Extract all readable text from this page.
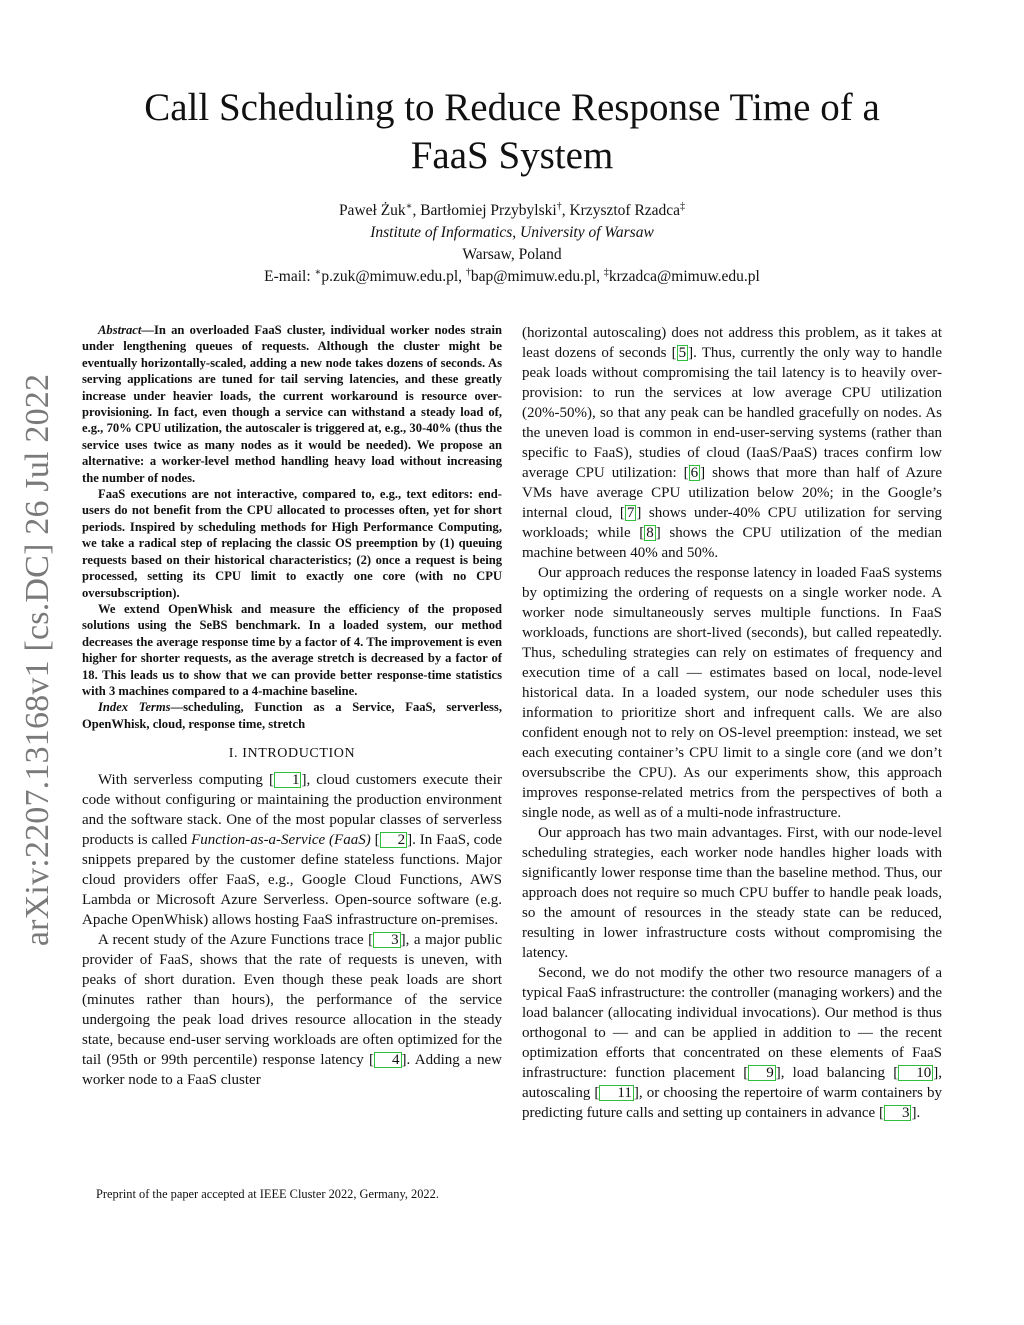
arXiv:2207.13168v1 [cs.DC] 26 Jul 2022
Call Scheduling to Reduce Response Time of a FaaS System
Paweł Żuk∗, Bartłomiej Przybylski†, Krzysztof Rzadca‡
Institute of Informatics, University of Warsaw
Warsaw, Poland
E-mail: ∗p.zuk@mimuw.edu.pl, †bap@mimuw.edu.pl, ‡krzadca@mimuw.edu.pl

Abstract—In an overloaded FaaS cluster, individual worker nodes strain under lengthening queues of requests. Although the cluster might be eventually horizontally-scaled, adding a new node takes dozens of seconds. As serving applications are tuned for tail serving latencies, and these greatly increase under heavier loads, the current workaround is resource over-provisioning. In fact, even though a service can withstand a steady load of, e.g., 70% CPU utilization, the autoscaler is triggered at, e.g., 30-40% (thus the service uses twice as many nodes as it would be needed). We propose an alternative: a worker-level method handling heavy load without increasing the number of nodes.

FaaS executions are not interactive, compared to, e.g., text editors: end-users do not benefit from the CPU allocated to processes often, yet for short periods. Inspired by scheduling methods for High Performance Computing, we take a radical step of replacing the classic OS preemption by (1) queuing requests based on their historical characteristics; (2) once a request is being processed, setting its CPU limit to exactly one core (with no CPU oversubscription).

We extend OpenWhisk and measure the efficiency of the proposed solutions using the SeBS benchmark. In a loaded system, our method decreases the average response time by a factor of 4. The improvement is even higher for shorter requests, as the average stretch is decreased by a factor of 18. This leads us to show that we can provide better response-time statistics with 3 machines compared to a 4-machine baseline.

Index Terms—scheduling, Function as a Service, FaaS, serverless, OpenWhisk, cloud, response time, stretch

I. INTRODUCTION

With serverless computing [ 1 ], cloud customers execute their code without configuring or maintaining the production environment and the software stack. One of the most popular classes of serverless products is called Function-as-a-Service (FaaS) [ 2 ]. In FaaS, code snippets prepared by the customer define stateless functions. Major cloud providers offer FaaS, e.g., Google Cloud Functions, AWS Lambda or Microsoft Azure Serverless. Open-source software (e.g. Apache OpenWhisk) allows hosting FaaS infrastructure on-premises.

A recent study of the Azure Functions trace [ 3 ], a major public provider of FaaS, shows that the rate of requests is uneven, with peaks of short duration. Even though these peak loads are short (minutes rather than hours), the performance of the service undergoing the peak load drives resource allocation in the steady state, because end-user serving workloads are often optimized for the tail (95th or 99th percentile) response latency [ 4 ]. Adding a new worker node to a FaaS cluster

Preprint of the paper accepted at IEEE Cluster 2022, Germany, 2022.

(horizontal autoscaling) does not address this problem, as it takes at least dozens of seconds [ 5 ]. Thus, currently the only way to handle peak loads without compromising the tail latency is to heavily over-provision: to run the services at low average CPU utilization (20%-50%), so that any peak can be handled gracefully on nodes. As the uneven load is common in end-user-serving systems (rather than specific to FaaS), studies of cloud (IaaS/PaaS) traces confirm low average CPU utilization: [ 6 ] shows that more than half of Azure VMs have average CPU utilization below 20%; in the Google’s internal cloud, [ 7 ] shows under-40% CPU utilization for serving workloads; while [ 8 ] shows the CPU utilization of the median machine between 40% and 50%.

Our approach reduces the response latency in loaded FaaS systems by optimizing the ordering of requests on a single worker node. A worker node simultaneously serves multiple functions. In FaaS workloads, functions are short-lived (seconds), but called repeatedly. Thus, scheduling strategies can rely on estimates of frequency and execution time of a call — estimates based on local, node-level historical data. In a loaded system, our node scheduler uses this information to prioritize short and infrequent calls. We are also confident enough not to rely on OS-level preemption: instead, we set each executing container’s CPU limit to a single core (and we don’t oversubscribe the CPU). As our experiments show, this approach improves response-related metrics from the perspectives of both a single node, as well as of a multi-node infrastructure.

Our approach has two main advantages. First, with our node-level scheduling strategies, each worker node handles higher loads with significantly lower response time than the baseline method. Thus, our approach does not require so much CPU buffer to handle peak loads, so the amount of resources in the steady state can be reduced, resulting in lower infrastructure costs without compromising the latency.

Second, we do not modify the other two resource managers of a typical FaaS infrastructure: the controller (managing workers) and the load balancer (allocating individual invocations). Our method is thus orthogonal to — and can be applied in addition to — the recent optimization efforts that concentrated on these elements of FaaS infrastructure: function placement [ 9 ], load balancing [ 10 ], autoscaling [ 11 ], or choosing the repertoire of warm containers by predicting future calls and setting up containers in advance [ 3 ].
